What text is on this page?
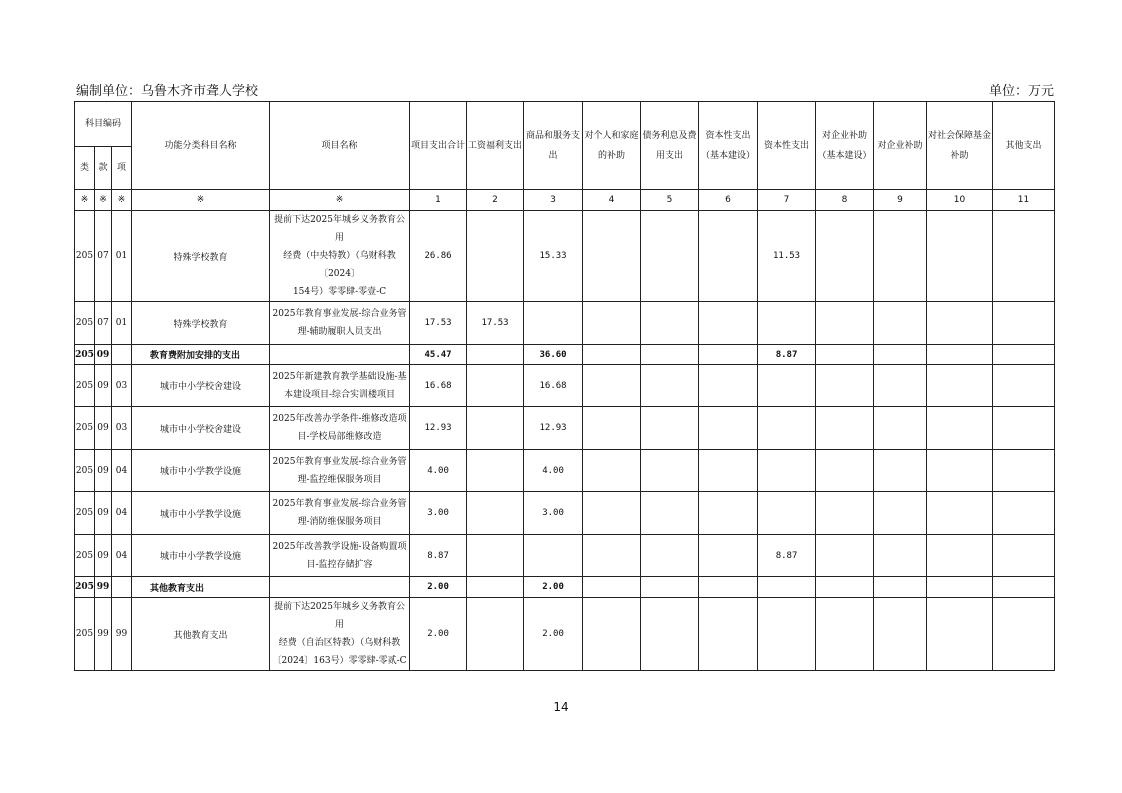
编制单位：乌鲁木齐市聋人学校	单位：万元
科目编码			功能分类科目名称	项目名称	项目支出合计	工资福利支出	商品和服务支出	对个人和家庭的补助	债务利息及费用支出	资本性支出（基本建设）	资本性支出	对企业补助（基本建设）	对企业补助	对社会保障基金补助	其他支出
类	款	项													
※	※	※	※	※	1	2	3	4	5	6	7	8	9	10	11
205	07	01	特殊学校教育	提前下达2025年城乡义务教育公用
经费（中央特教）（乌财科教〔2024〕
154号）零零肆-零壹-C	26.86		15.33				11.53				
205	07	01	特殊学校教育	2025年教育事业发展-综合业务管
理-辅助履职人员支出	17.53	17.53									
205	09		教育费附加安排的支出		45.47		36.60				8.87				
205	09	03	城市中小学校舍建设	2025年新建教育教学基础设施-基
本建设项目-综合实训楼项目	16.68		16.68								
205	09	03	城市中小学校舍建设	2025年改善办学条件-维修改造项
目-学校局部维修改造	12.93		12.93								
205	09	04	城市中小学教学设施	2025年教育事业发展-综合业务管
理-监控维保服务项目	4.00		4.00								
205	09	04	城市中小学教学设施	2025年教育事业发展-综合业务管
理-消防维保服务项目	3.00		3.00								
205	09	04	城市中小学教学设施	2025年改善教学设施-设备购置项
目-监控存储扩容	8.87						8.87				
205	99		其他教育支出		2.00		2.00								
205	99	99	其他教育支出	提前下达2025年城乡义务教育公用
经费（自治区特教）（乌财科教
〔2024〕163号）零零肆-零贰-C	2.00		2.00								
14
